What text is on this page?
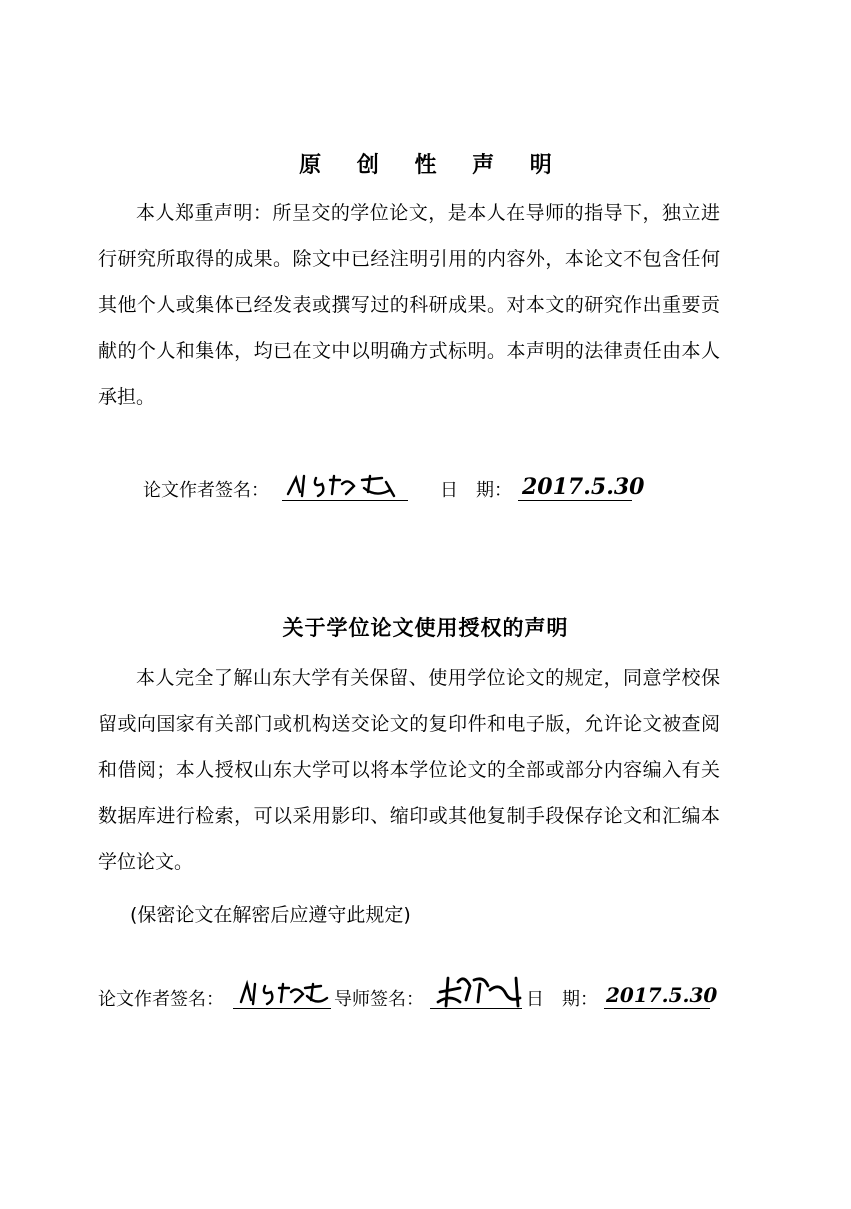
原 创 性 声 明

本人郑重声明：所呈交的学位论文，是本人在导师的指导下，独立进行研究所取得的成果。除文中已经注明引用的内容外，本论文不包含任何其他个人或集体已经发表或撰写过的科研成果。对本文的研究作出重要贡献的个人和集体，均已在文中以明确方式标明。本声明的法律责任由本人承担。

论文作者签名：	日　期： 2017.5.30
关于学位论文使用授权的声明

本人完全了解山东大学有关保留、使用学位论文的规定，同意学校保留或向国家有关部门或机构送交论文的复印件和电子版，允许论文被查阅和借阅；本人授权山东大学可以将本学位论文的全部或部分内容编入有关数据库进行检索，可以采用影印、缩印或其他复制手段保存论文和汇编本学位论文。

(保密论文在解密后应遵守此规定)

论文作者签名：	导师签名：	日　期： 2017.5.30
